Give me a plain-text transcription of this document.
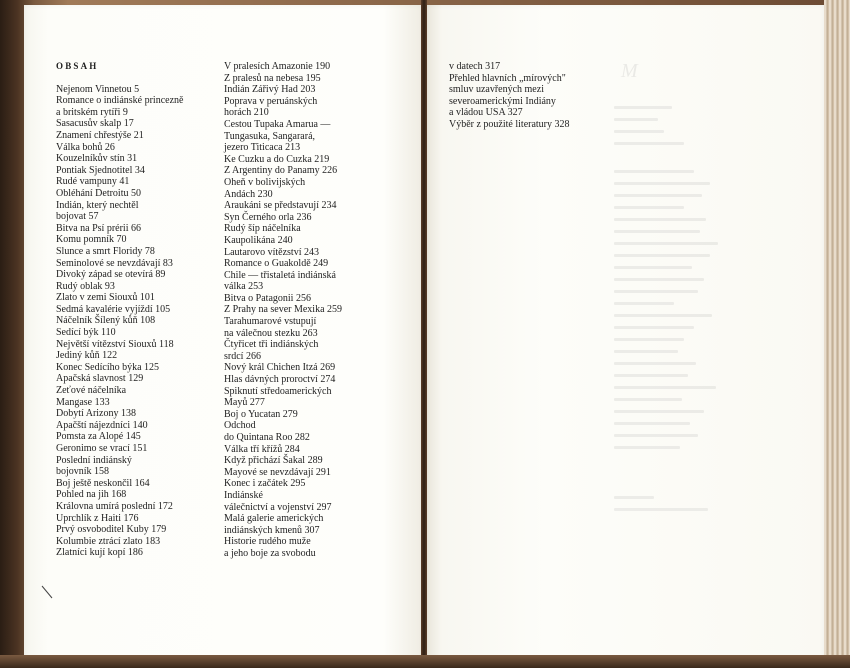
M
OBSAH
Nejenom Vinnetou 5
Romance o indiánské princezně
a britském rytíři 9
Sasacusův skalp 17
Znamení chřestýše 21
Válka bohů 26
Kouzelníkův stín 31
Pontiak Sjednotitel 34
Rudé vampuny 41
Obléhání Detroitu 50
Indián, který nechtěl
bojovat 57
Bitva na Psí prérii 66
Komu pomník 70
Slunce a smrt Floridy 78
Seminolové se nevzdávají 83
Divoký západ se otevírá 89
Rudý oblak 93
Zlato v zemi Siouxů 101
Sedmá kavalérie vyjíždí 105
Náčelník Šílený kůň 108
Sedící býk 110
Největší vítězství Siouxů 118
Jediný kůň 122
Konec Sedícího býka 125
Apačská slavnost 129
Zeťové náčelníka
Mangase 133
Dobytí Arizony 138
Apačští nájezdníci 140
Pomsta za Alopé 145
Geronimo se vrací 151
Poslední indiánský
bojovník 158
Boj ještě neskončil 164
Pohled na jih 168
Královna umírá poslední 172
Uprchlík z Haiti 176
Prvý osvoboditel Kuby 179
Kolumbie ztrácí zlato 183
Zlatníci kují kopí 186
V pralesích Amazonie 190
Z pralesů na nebesa 195
Indián Zářivý Had 203
Poprava v peruánských
horách 210
Cestou Tupaka Amarua —
Tungasuka, Sangarará,
jezero Titicaca 213
Ke Cuzku a do Cuzka 219
Z Argentiny do Panamy 226
Oheň v bolivijských
Andách 230
Araukáni se představují 234
Syn Černého orla 236
Rudý šíp náčelníka
Kaupolikána 240
Lautarovo vítězství 243
Romance o Guakoldě 249
Chile — třistaletá indiánská
válka 253
Bitva o Patagonii 256
Z Prahy na sever Mexika 259
Tarahumarové vstupují
na válečnou stezku 263
Čtyřicet tři indiánských
srdcí 266
Nový král Chichen Itzá 269
Hlas dávných proroctví 274
Spiknutí středoamerických
Mayů 277
Boj o Yucatan 279
Odchod
do Quintana Roo 282
Válka tří křížů 284
Když přichází Šakal 289
Mayové se nevzdávají 291
Konec i začátek 295
Indiánské
válečnictví a vojenství 297
Malá galerie amerických
indiánských kmenů 307
Historie rudého muže
a jeho boje za svobodu
v datech 317
Přehled hlavních „mírových"
smluv uzavřených mezi
severoamerickými Indiány
a vládou USA 327
Výběr z použité literatury 328
